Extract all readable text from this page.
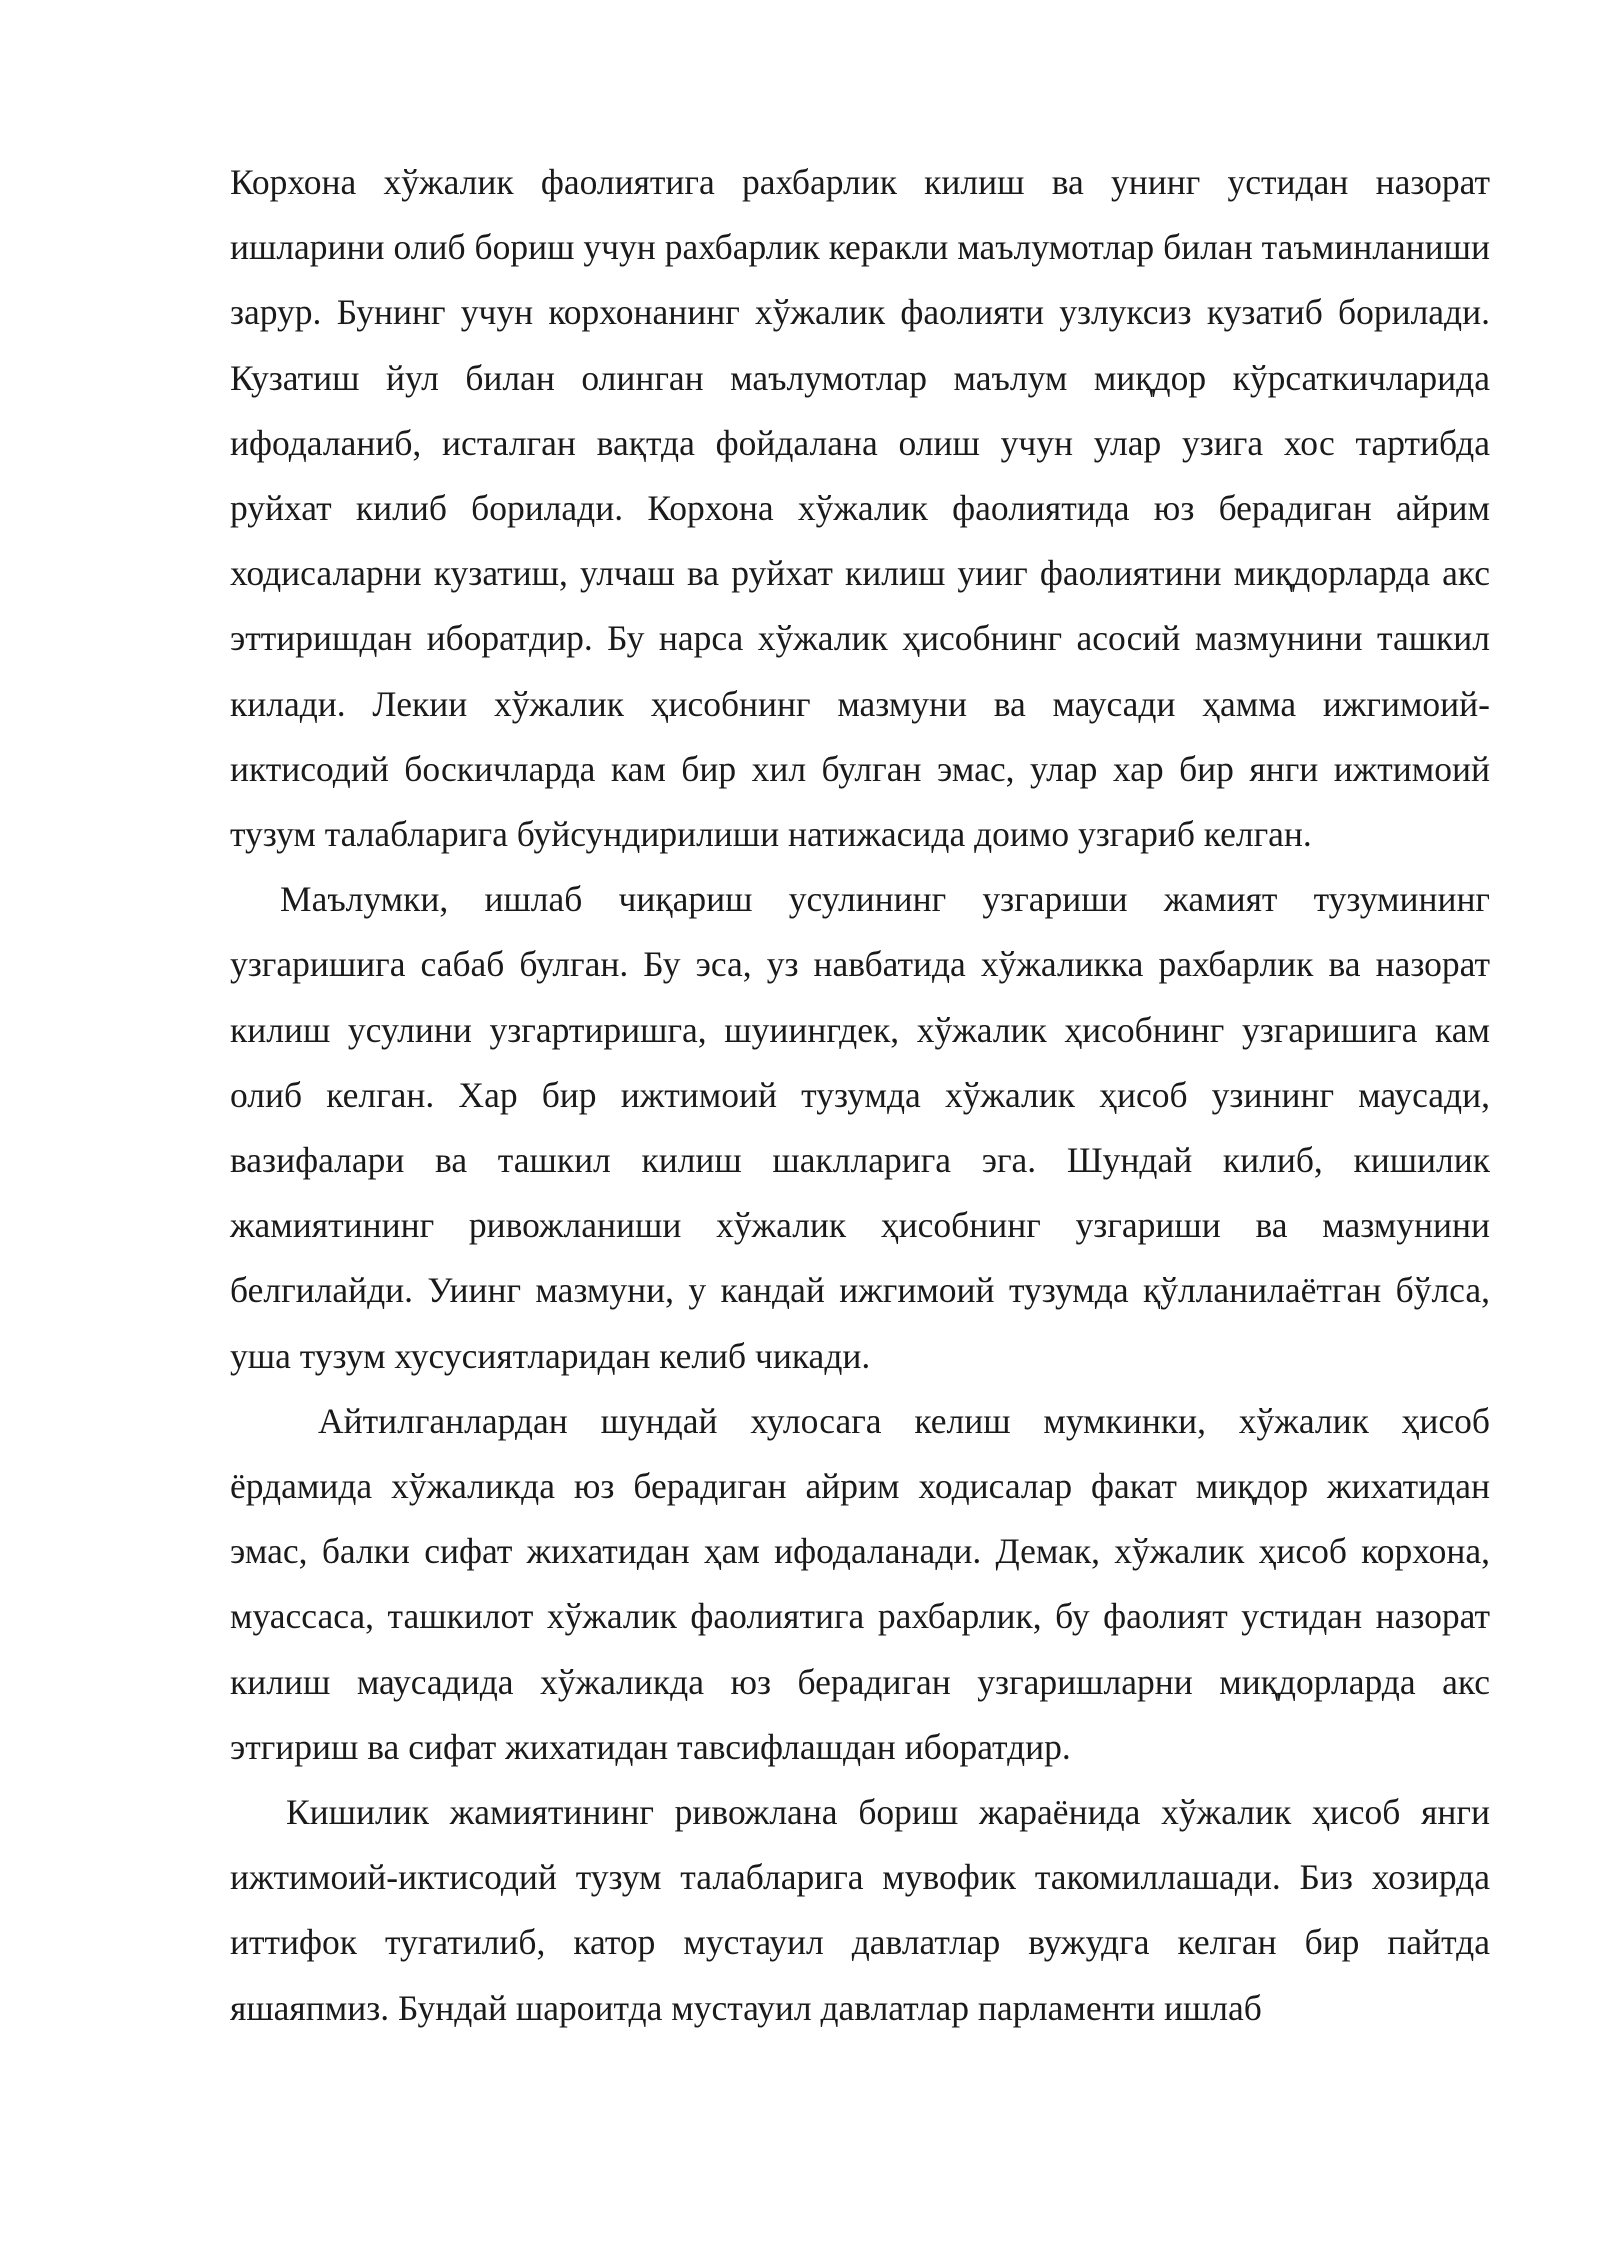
Корхона хўжалик фаолиятига рахбарлик килиш ва унинг устидан назорат ишларини олиб бориш учун рахбарлик керакли маълумотлар билан таъминланиши зарур. Бунинг учун корхонанинг хўжалик фаолияти узлуксиз кузатиб борилади. Кузатиш йул билан олинган маълумотлар маълум миқдор кўрсаткичларида ифодаланиб, исталган вақтда фойдалана олиш учун улар узига хос тартибда руйхат килиб борилади. Корхона хўжалик фаолиятида юз берадиган айрим ходисаларни кузатиш, улчаш ва руйхат килиш уииг фаолиятини миқдорларда акс эттиришдан иборатдир. Бу нарса хўжалик ҳисобнинг асосий мазмунини ташкил килади. Лекии хўжалик ҳисобнинг мазмуни ва маусади ҳамма ижгимоий-иктисодий боскичларда кам бир хил булган эмас, улар хар бир янги ижтимоий тузум талабларига буйсундирилиши натижасида доимо узгариб келган.

Маълумки, ишлаб чиқариш усулининг узгариши жамият тузумининг узгаришига сабаб булган. Бу эса, уз навбатида хўжаликка рахбарлик ва назорат килиш усулини узгартиришга, шуиингдек, хўжалик ҳисобнинг узгаришига кам олиб келган. Хар бир ижтимоий тузумда хўжалик ҳисоб узининг маусади, вазифалари ва ташкил килиш шаклларига эга. Шундай килиб, кишилик жамиятининг ривожланиши хўжалик ҳисобнинг узгариши ва мазмунини белгилайди. Уиинг мазмуни, у кандай ижгимоий тузумда қўлланилаётган бўлса, уша тузум хусусиятларидан келиб чикади.

Айтилганлардан шундай хулосага келиш мумкинки, хўжалик ҳисоб ёрдамида хўжаликда юз берадиган айрим ходисалар факат миқдор жихатидан эмас, балки сифат жихатидан ҳам ифодаланади. Демак, хўжалик ҳисоб корхона, муассаса, ташкилот хўжалик фаолиятига рахбарлик, бу фаолият устидан назорат килиш маусадида хўжаликда юз берадиган узгаришларни миқдорларда акс этгириш ва сифат жихатидан тавсифлашдан иборатдир.

Кишилик жамиятининг ривожлана бориш жараёнида хўжалик ҳисоб янги ижтимоий-иктисодий тузум талабларига мувофик такомиллашади. Биз хозирда иттифок тугатилиб, катор мустауил давлатлар вужудга келган бир пайтда яшаяпмиз. Бундай шароитда мустауил давлатлар парламенти ишлаб
